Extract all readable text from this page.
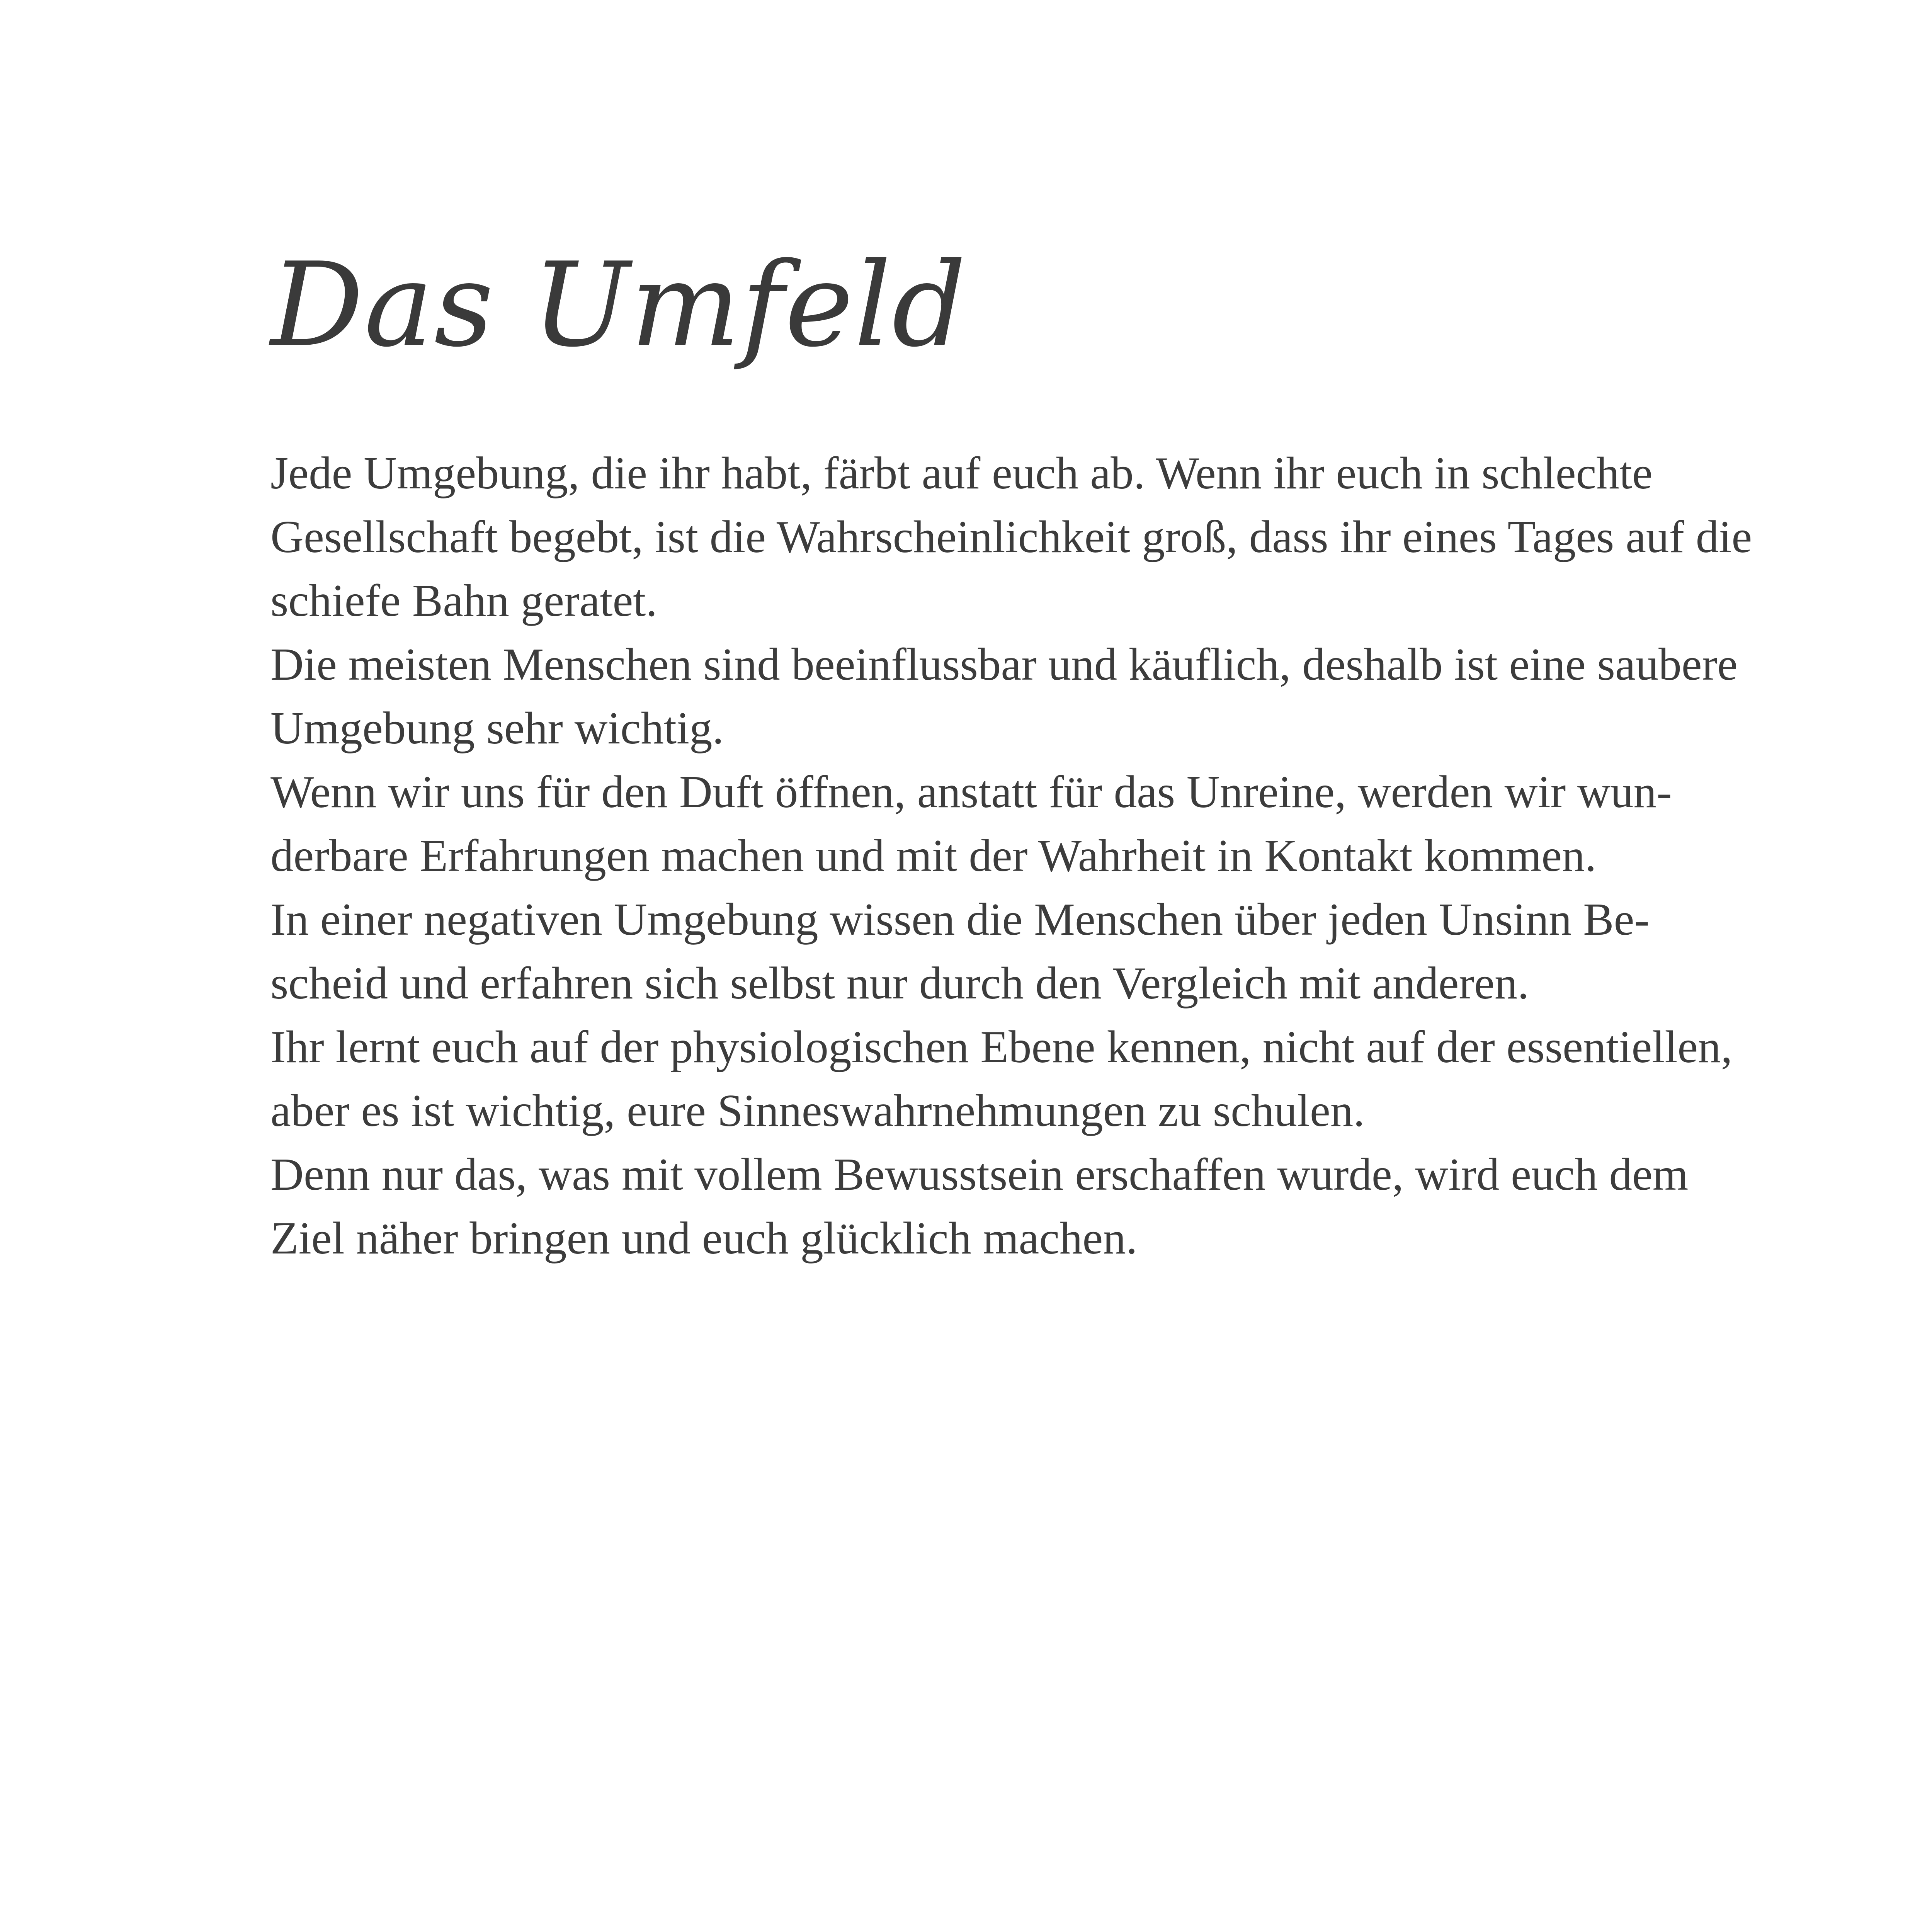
Das Umfeld
Jede Umgebung, die ihr habt, färbt auf euch ab. Wenn ihr euch in schlechte
Gesellschaft begebt, ist die Wahrscheinlichkeit groß, dass ihr eines Tages auf die
schiefe Bahn geratet.
Die meisten Menschen sind beeinflussbar und käuflich, deshalb ist eine saubere
Umgebung sehr wichtig.
Wenn wir uns für den Duft öffnen, anstatt für das Unreine, werden wir wun-
derbare Erfahrungen machen und mit der Wahrheit in Kontakt kommen.
In einer negativen Umgebung wissen die Menschen über jeden Unsinn Be-
scheid und erfahren sich selbst nur durch den Vergleich mit anderen.
Ihr lernt euch auf der physiologischen Ebene kennen, nicht auf der essentiellen,
aber es ist wichtig, eure Sinneswahrnehmungen zu schulen.
Denn nur das, was mit vollem Bewusstsein erschaffen wurde, wird euch dem
Ziel näher bringen und euch glücklich machen.
